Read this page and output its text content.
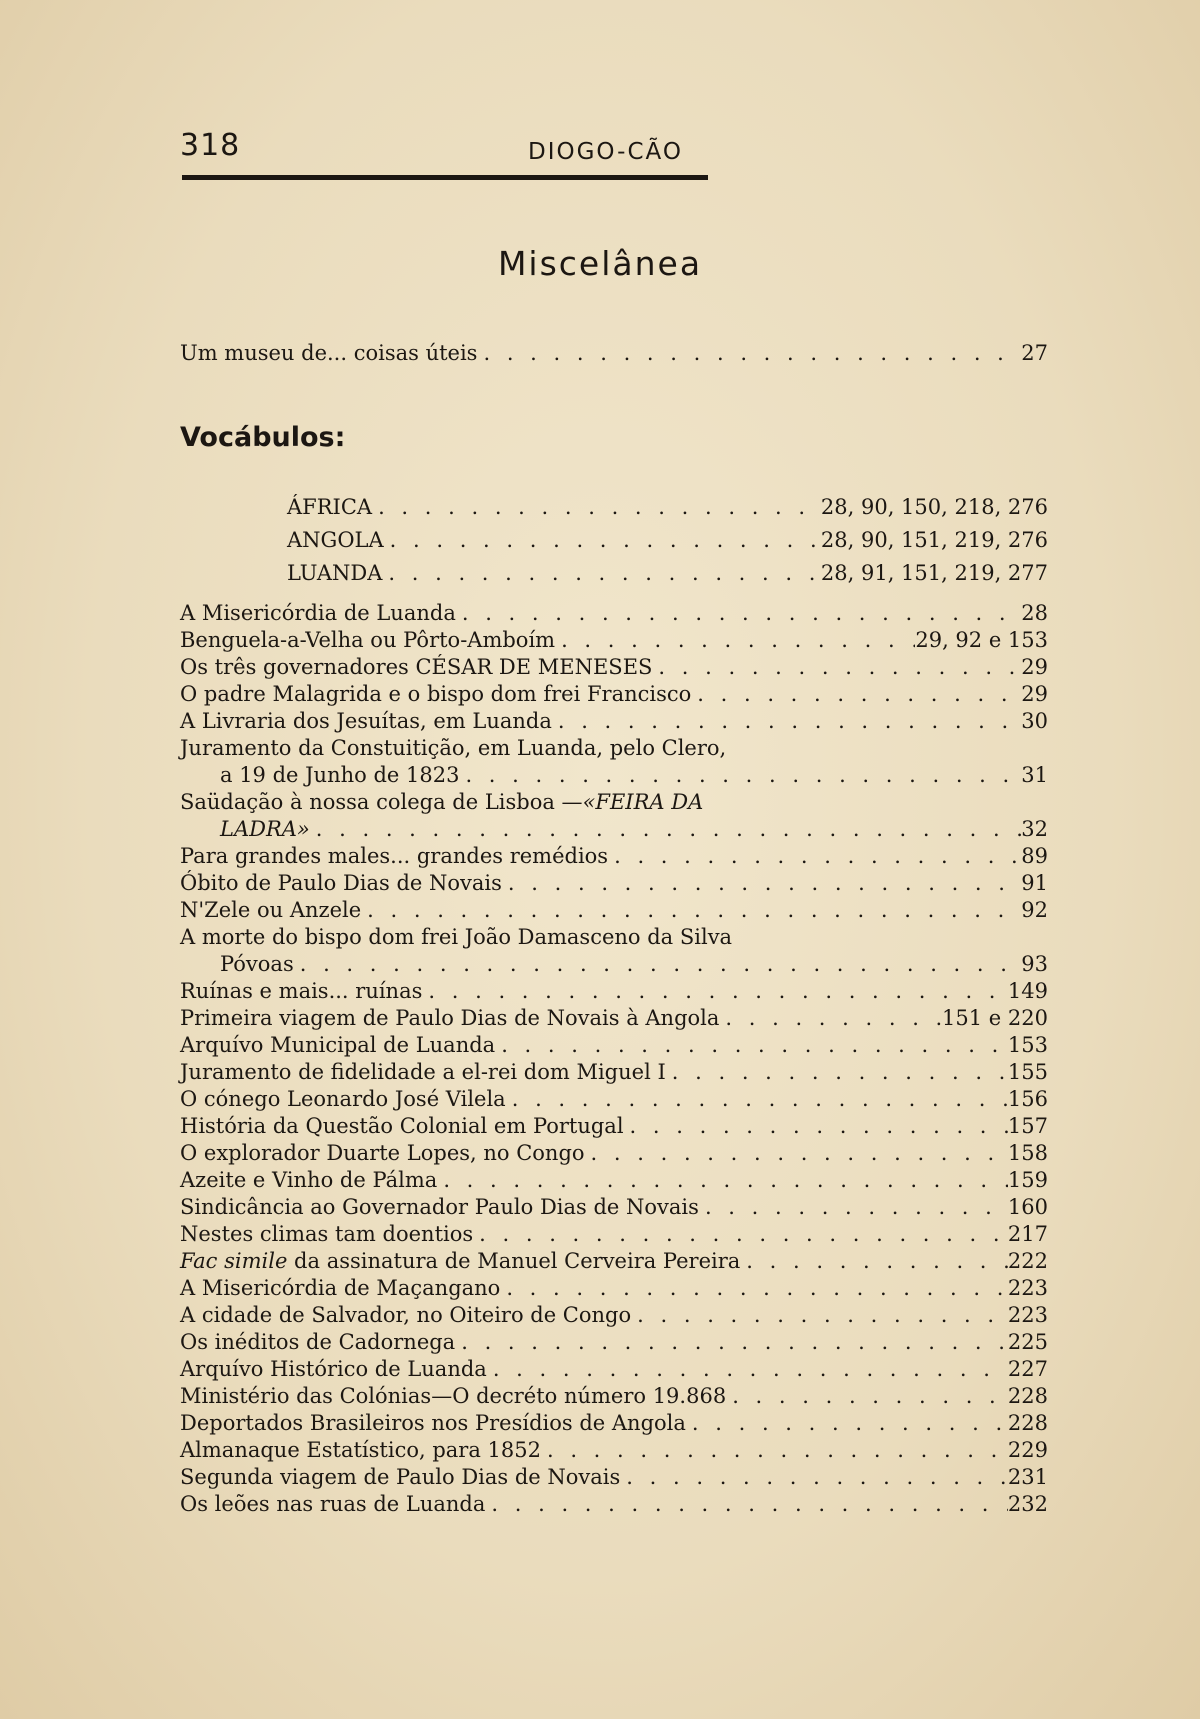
318	DIOGO-CÃO
Miscelânea
Um museu de... coisas úteis . . .	27
Vocábulos:
ÁFRICA . . .	28, 90, 150, 218, 276
ANGOLA . . .	28, 90, 151, 219, 276
LUANDA . . .	28, 91, 151, 219, 277
A Misericórdia de Luanda . . .	28
Benguela-a-Velha ou Pôrto-Amboím . . .	29, 92 e 153
Os três governadores CÉSAR DE MENESES . . .	29
O padre Malagrida e o bispo dom frei Francisco . . .	29
A Livraria dos Jesuítas, em Luanda . . .	30
Juramento da Constuitição, em Luanda, pelo Clero,
a 19 de Junho de 1823 . . .	31
Saüdação à nossa colega de Lisboa — «FEIRA DA
LADRA» . . .	32
Para grandes males... grandes remédios . . .	89
Óbito de Paulo Dias de Novais . . .	91
N'Zele ou Anzele . . .	92
A morte do bispo dom frei João Damasceno da Silva
Póvoas . . .	93
Ruínas e mais... ruínas . . .	149
Primeira viagem de Paulo Dias de Novais à Angola . . .	151 e 220
Arquívo Municipal de Luanda . . .	153
Juramento de fidelidade a el-rei dom Miguel I . . .	155
O cónego Leonardo José Vilela . . .	156
História da Questão Colonial em Portugal . . .	157
O explorador Duarte Lopes, no Congo . . .	158
Azeite e Vinho de Pálma . . .	159
Sindicância ao Governador Paulo Dias de Novais . . .	160
Nestes climas tam doentios . . .	217
Fac simile da assinatura de Manuel Cerveira Pereira . . .	222
A Misericórdia de Maçangano . . .	223
A cidade de Salvador, no Oiteiro de Congo . . .	223
Os inéditos de Cadornega . . .	225
Arquívo Histórico de Luanda . . .	227
Ministério das Colónias—O decréto número 19.868 . . .	228
Deportados Brasileiros nos Presídios de Angola . . .	228
Almanaque Estatístico, para 1852 . . .	229
Segunda viagem de Paulo Dias de Novais . . .	231
Os leões nas ruas de Luanda . . .	232
